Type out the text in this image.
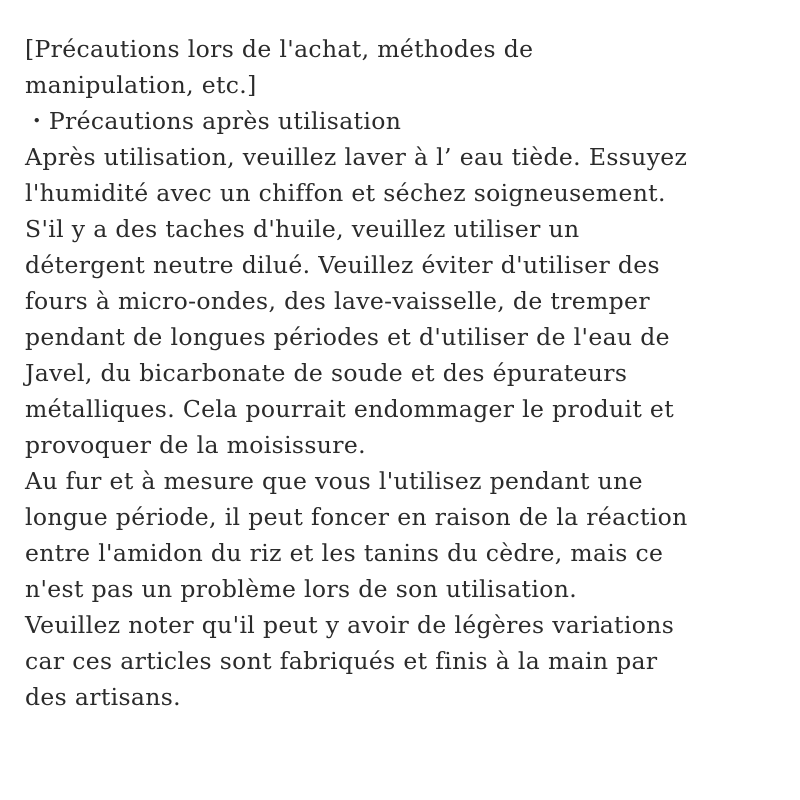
[Précautions lors de l'achat, méthodes de
manipulation, etc.]
・Précautions après utilisation
Après utilisation, veuillez laver à l’ eau tiède. Essuyez
l'humidité avec un chiffon et séchez soigneusement.
S'il y a des taches d'huile, veuillez utiliser un
détergent neutre dilué. Veuillez éviter d'utiliser des
fours à micro-ondes, des lave-vaisselle, de tremper
pendant de longues périodes et d'utiliser de l'eau de
Javel, du bicarbonate de soude et des épurateurs
métalliques. Cela pourrait endommager le produit et
provoquer de la moisissure.
Au fur et à mesure que vous l'utilisez pendant une
longue période, il peut foncer en raison de la réaction
entre l'amidon du riz et les tanins du cèdre, mais ce
n'est pas un problème lors de son utilisation.
Veuillez noter qu'il peut y avoir de légères variations
car ces articles sont fabriqués et finis à la main par
des artisans.
